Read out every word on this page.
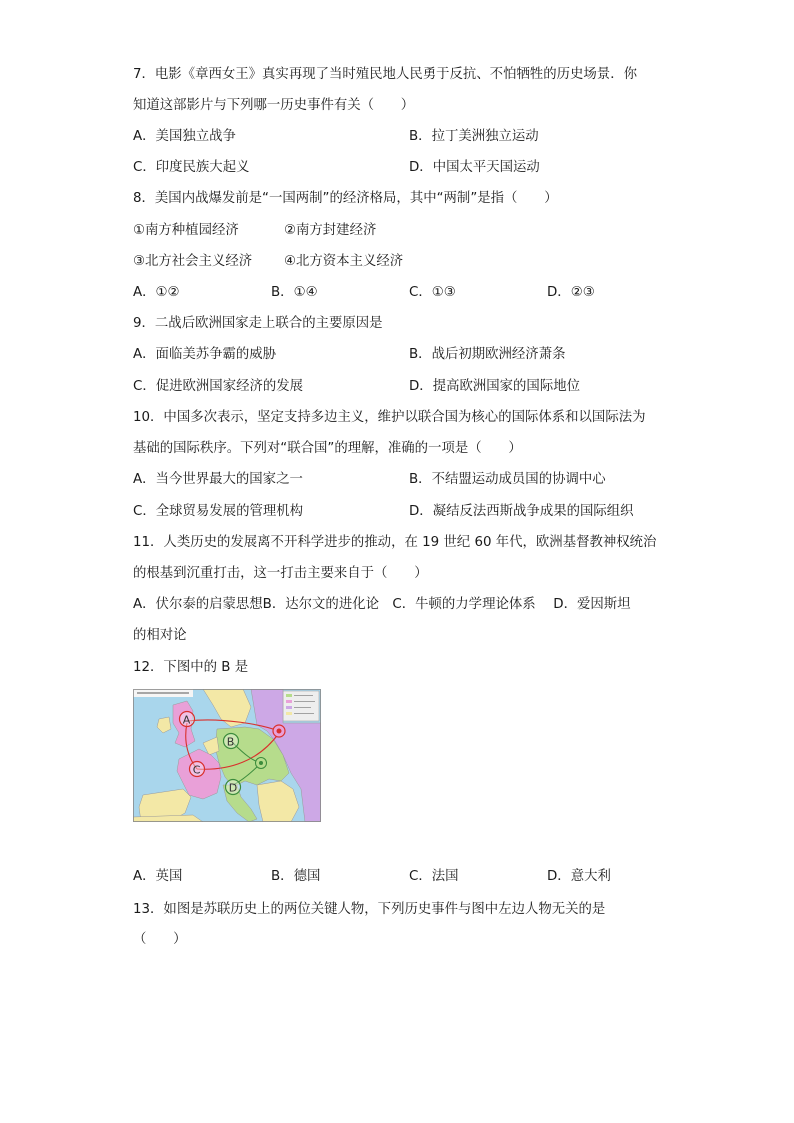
7．电影《章西女王》真实再现了当时殖民地人民勇于反抗、不怕牺牲的历史场景．你
知道这部影片与下列哪一历史事件有关（　　）
A．美国独立战争	B．拉丁美洲独立运动
C．印度民族大起义	D．中国太平天国运动
8．美国内战爆发前是“一国两制”的经济格局，其中“两制”是指（　　）
①南方种植园经济	②南方封建经济
③北方社会主义经济 ④北方资本主义经济
A．①②	B．①④	C．①③	D．②③
9．二战后欧洲国家走上联合的主要原因是
A．面临美苏争霸的威胁	B．战后初期欧洲经济萧条
C．促进欧洲国家经济的发展	D．提高欧洲国家的国际地位
10．中国多次表示，坚定支持多边主义，维护以联合国为核心的国际体系和以国际法为
基础的国际秩序。下列对“联合国”的理解，准确的一项是（　　）
A．当今世界最大的国家之一	B．不结盟运动成员国的协调中心
C．全球贸易发展的管理机构	D．凝结反法西斯战争成果的国际组织
11．人类历史的发展离不开科学进步的推动，在 19 世纪 60 年代，欧洲基督教神权统治
的根基到沉重打击，这一打击主要来自于（　　）
A．伏尔泰的启蒙思想B．达尔文的进化论　C．牛顿的力学理论体系　 D．爱因斯坦
的相对论
12．下图中的 B 是
A
B
C
D
A．英国	B．德国	C．法国	D．意大利
13．如图是苏联历史上的两位关键人物，下列历史事件与图中左边人物无关的是
（　　）
